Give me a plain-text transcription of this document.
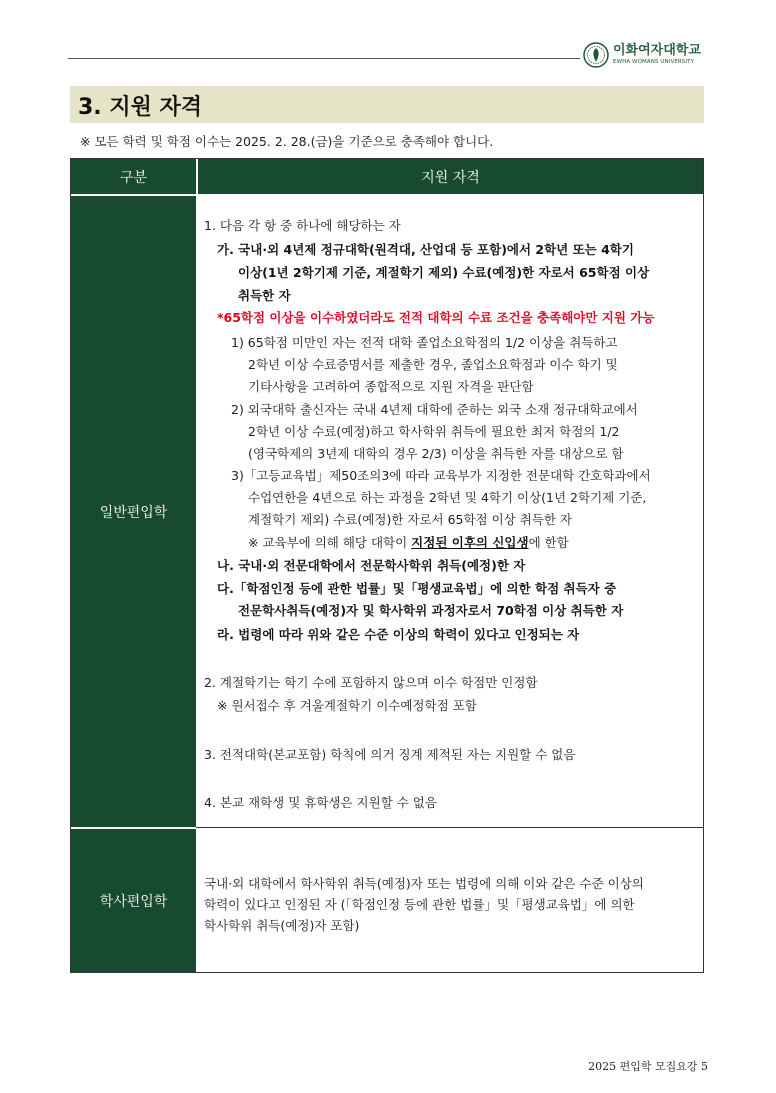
이화여자대학교
EWHA WOMANS UNIVERSITY
3. 지원 자격
※ 모든 학력 및 학점 이수는 2025. 2. 28.(금)을 기준으로 충족해야 합니다.
구분	지원 자격
일반편입학
1. 다음 각 항 중 하나에 해당하는 자
가. 국내·외 4년제 정규대학(원격대, 산업대 등 포함)에서 2학년 또는 4학기
이상(1년 2학기제 기준, 계절학기 제외) 수료(예정)한 자로서 65학점 이상
취득한 자
*65학점 이상을 이수하였더라도 전적 대학의 수료 조건을 충족해야만 지원 가능
1) 65학점 미만인 자는 전적 대학 졸업소요학점의 1/2 이상을 취득하고
2학년 이상 수료증명서를 제출한 경우, 졸업소요학점과 이수 학기 및
기타사항을 고려하여 종합적으로 지원 자격을 판단함
2) 외국대학 출신자는 국내 4년제 대학에 준하는 외국 소재 정규대학교에서
2학년 이상 수료(예정)하고 학사학위 취득에 필요한 최저 학점의 1/2
(영국학제의 3년제 대학의 경우 2/3) 이상을 취득한 자를 대상으로 함
3)「고등교육법」제50조의3에 따라 교육부가 지정한 전문대학 간호학과에서
수업연한을 4년으로 하는 과정을 2학년 및 4학기 이상(1년 2학기제 기준,
계절학기 제외) 수료(예정)한 자로서 65학점 이상 취득한 자
※ 교육부에 의해 해당 대학이 지정된 이후의 신입생에 한함
나. 국내·외 전문대학에서 전문학사학위 취득(예정)한 자
다.「학점인정 등에 관한 법률」및「평생교육법」에 의한 학점 취득자 중
전문학사취득(예정)자 및 학사학위 과정자로서 70학점 이상 취득한 자
라. 법령에 따라 위와 같은 수준 이상의 학력이 있다고 인정되는 자
2. 계절학기는 학기 수에 포함하지 않으며 이수 학점만 인정함
※ 원서접수 후 겨울계절학기 이수예정학점 포함
3. 전적대학(본교포함) 학칙에 의거 징계 제적된 자는 지원할 수 없음
4. 본교 재학생 및 휴학생은 지원할 수 없음
학사편입학
국내·외 대학에서 학사학위 취득(예정)자 또는 법령에 의해 이와 같은 수준 이상의
학력이 있다고 인정된 자 (「학점인정 등에 관한 법률」및「평생교육법」에 의한
학사학위 취득(예정)자 포함)
2025 편입학 모집요강 5
